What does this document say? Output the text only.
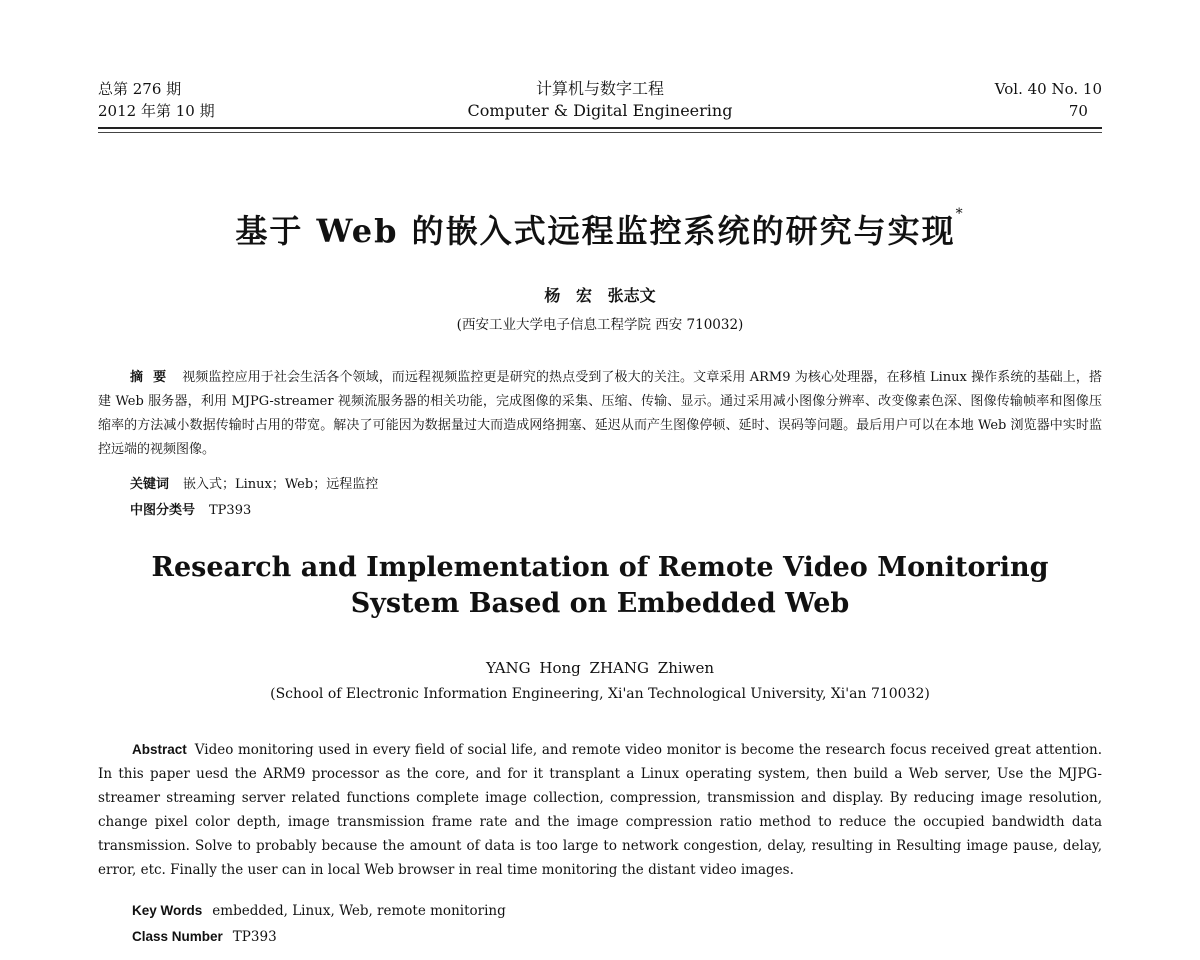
总第 276 期
2012 年第 10 期
计算机与数字工程
Computer & Digital Engineering
Vol. 40 No. 10
70
基于 Web 的嵌入式远程监控系统的研究与实现*
杨 宏 张志文
(西安工业大学电子信息工程学院 西安 710032)
摘要 视频监控应用于社会生活各个领域，而远程视频监控更是研究的热点受到了极大的关注。文章采用 ARM9 为核心处理器，在移植 Linux 操作系统的基础上，搭建 Web 服务器，利用 MJPG-streamer 视频流服务器的相关功能，完成图像的采集、压缩、传输、显示。通过采用减小图像分辨率、改变像素色深、图像传输帧率和图像压缩率的方法减小数据传输时占用的带宽。解决了可能因为数据量过大而造成网络拥塞、延迟从而产生图像停顿、延时、误码等问题。最后用户可以在本地 Web 浏览器中实时监控远端的视频图像。
关键词 嵌入式；Linux；Web；远程监控
中图分类号 TP393
Research and Implementation of Remote Video Monitoring
System Based on Embedded Web
YANG Hong ZHANG Zhiwen
(School of Electronic Information Engineering, Xi'an Technological University, Xi'an 710032)
Abstract Video monitoring used in every field of social life, and remote video monitor is become the research focus received great attention. In this paper uesd the ARM9 processor as the core, and for it transplant a Linux operating system, then build a Web server, Use the MJPG-streamer streaming server related functions complete image collection, compression, transmission and display. By reducing image resolution, change pixel color depth, image transmission frame rate and the image compression ratio method to reduce the occupied bandwidth data transmission. Solve to probably because the amount of data is too large to network congestion, delay, resulting in Resulting image pause, delay, error, etc. Finally the user can in local Web browser in real time monitoring the distant video images.
Key Words embedded, Linux, Web, remote monitoring
Class Number TP393
